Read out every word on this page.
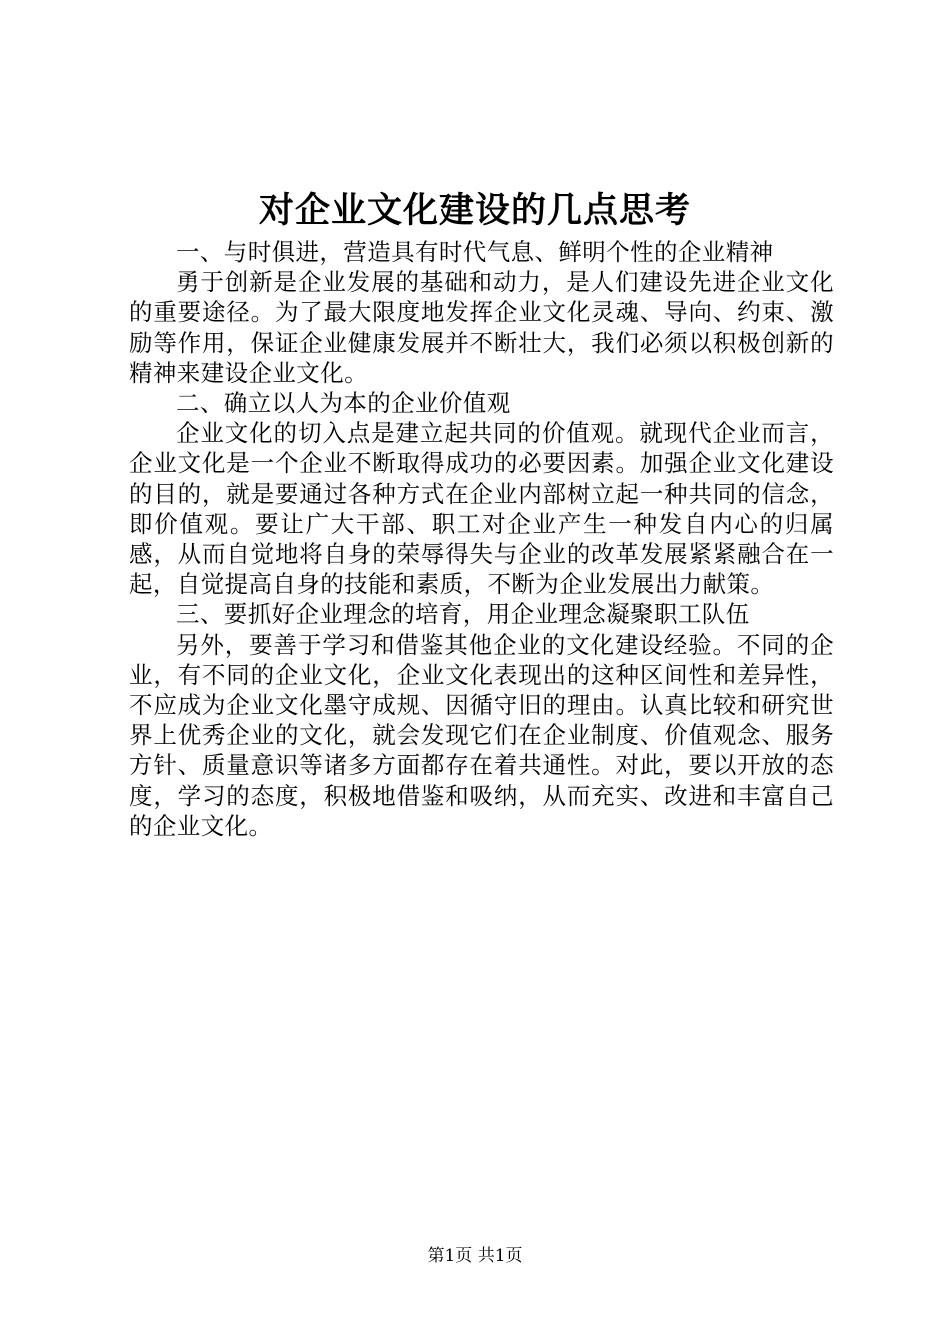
对企业文化建设的几点思考

一、与时俱进，营造具有时代气息、鲜明个性的企业精神

勇于创新是企业发展的基础和动力，是人们建设先进企业文化的重要途径。为了最大限度地发挥企业文化灵魂、导向、约束、激励等作用，保证企业健康发展并不断壮大，我们必须以积极创新的精神来建设企业文化。

二、确立以人为本的企业价值观

企业文化的切入点是建立起共同的价值观。就现代企业而言，企业文化是一个企业不断取得成功的必要因素。加强企业文化建设的目的，就是要通过各种方式在企业内部树立起一种共同的信念，即价值观。要让广大干部、职工对企业产生一种发自内心的归属感，从而自觉地将自身的荣辱得失与企业的改革发展紧紧融合在一起，自觉提高自身的技能和素质，不断为企业发展出力献策。

三、要抓好企业理念的培育，用企业理念凝聚职工队伍

另外，要善于学习和借鉴其他企业的文化建设经验。不同的企业，有不同的企业文化，企业文化表现出的这种区间性和差异性，不应成为企业文化墨守成规、因循守旧的理由。认真比较和研究世界上优秀企业的文化，就会发现它们在企业制度、价值观念、服务方针、质量意识等诸多方面都存在着共通性。对此，要以开放的态度，学习的态度，积极地借鉴和吸纳，从而充实、改进和丰富自己的企业文化。

第1页 共1页
